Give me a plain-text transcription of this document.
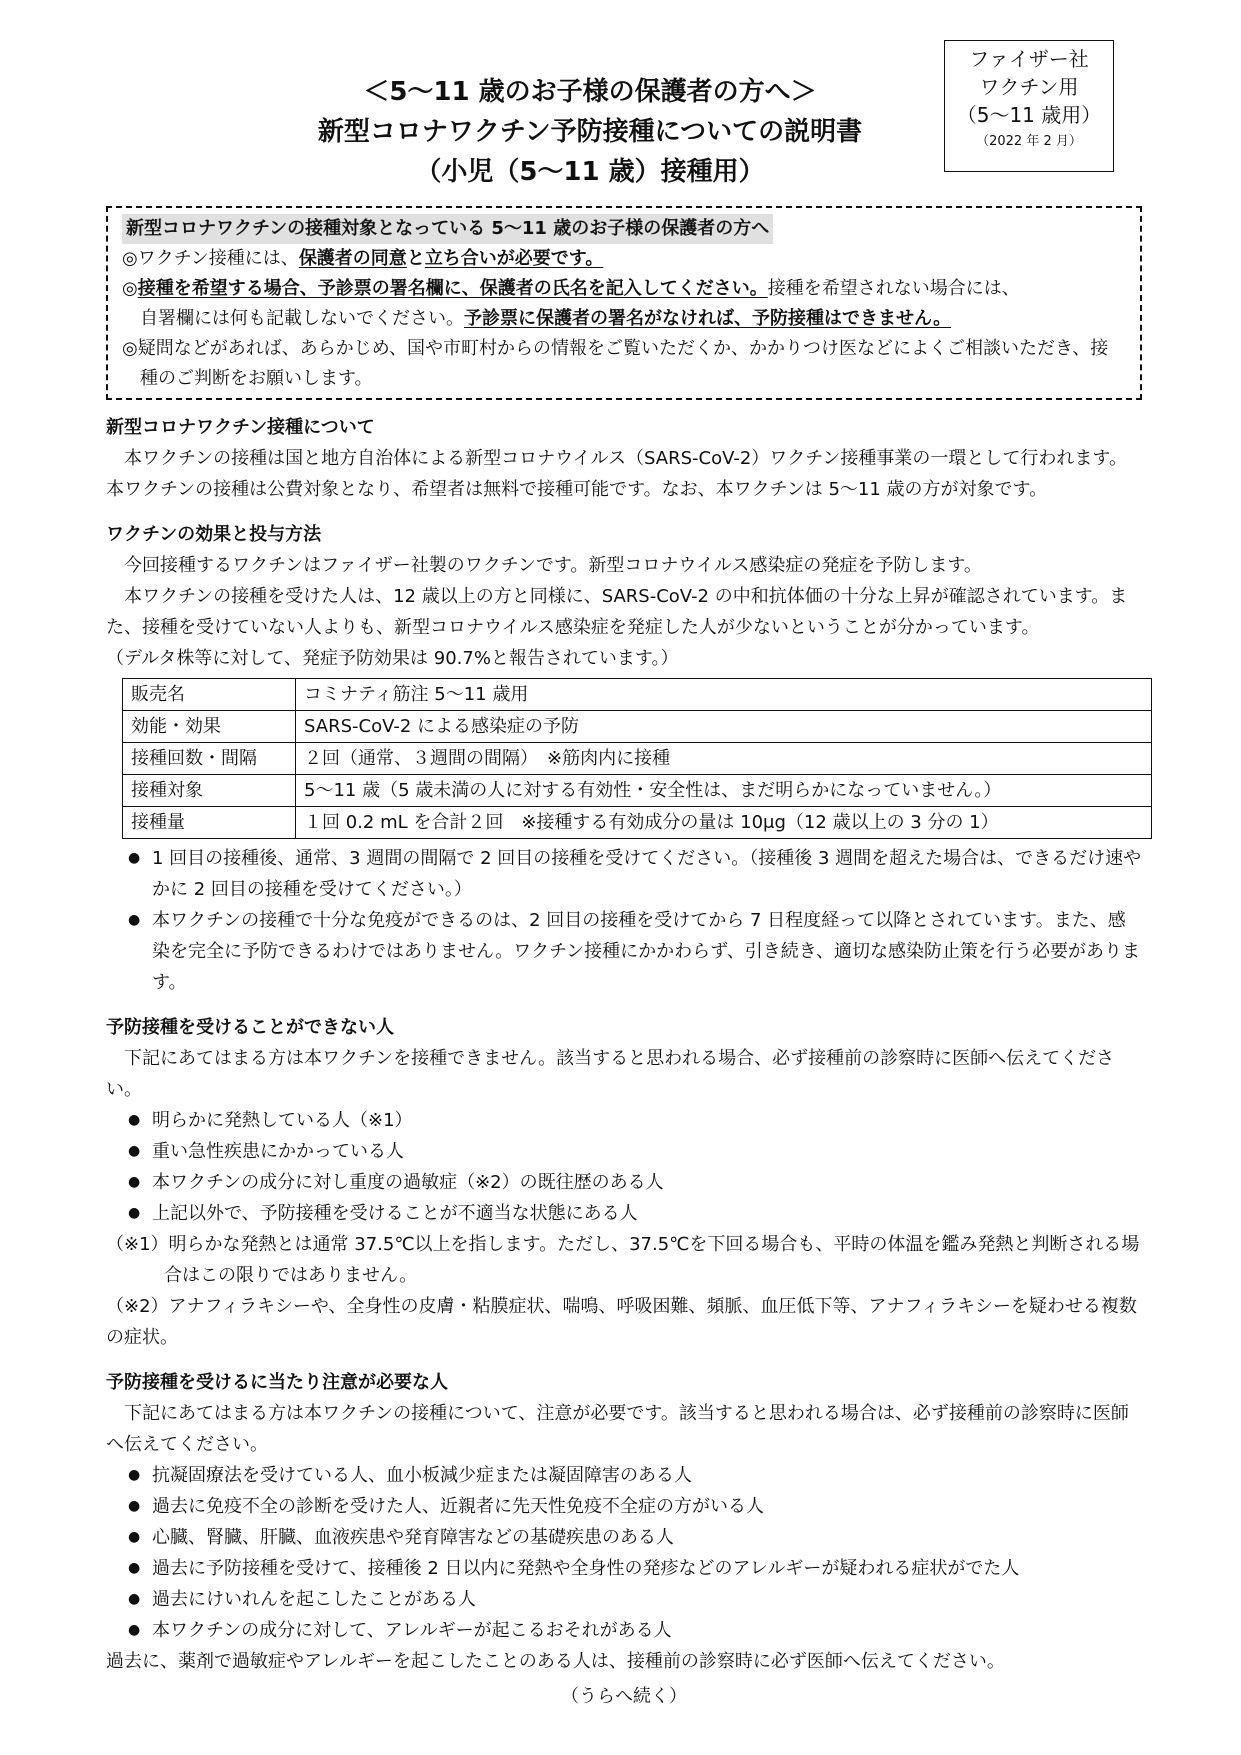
ファイザー社
ワクチン用
（5～11 歳用）
（2022 年 2 月）
＜5～11 歳のお子様の保護者の方へ＞
新型コロナワクチン予防接種についての説明書
（小児（5～11 歳）接種用）
新型コロナワクチンの接種対象となっている 5～11 歳のお子様の保護者の方へ
◎ワクチン接種には、保護者の同意と立ち合いが必要です。
◎接種を希望する場合、予診票の署名欄に、保護者の氏名を記入してください。接種を希望されない場合には、
自署欄には何も記載しないでください。予診票に保護者の署名がなければ、予防接種はできません。
◎疑問などがあれば、あらかじめ、国や市町村からの情報をご覧いただくか、かかりつけ医などによくご相談いただき、接
種のご判断をお願いします。
新型コロナワクチン接種について
本ワクチンの接種は国と地方自治体による新型コロナウイルス（SARS-CoV-2）ワクチン接種事業の一環として行われます。本ワクチンの接種は公費対象となり、希望者は無料で接種可能です。なお、本ワクチンは 5～11 歳の方が対象です。
ワクチンの効果と投与方法
今回接種するワクチンはファイザー社製のワクチンです。新型コロナウイルス感染症の発症を予防します。
本ワクチンの接種を受けた人は、12 歳以上の方と同様に、SARS-CoV-2 の中和抗体価の十分な上昇が確認されています。また、接種を受けていない人よりも、新型コロナウイルス感染症を発症した人が少ないということが分かっています。
（デルタ株等に対して、発症予防効果は 90.7%と報告されています。）
販売名	コミナティ筋注 5～11 歳用
効能・効果	SARS-CoV-2 による感染症の予防
接種回数・間隔	２回（通常、３週間の間隔）　※筋肉内に接種
接種対象	5～11 歳（5 歳未満の人に対する有効性・安全性は、まだ明らかになっていません。）
接種量	１回 0.2 mL を合計２回　※接種する有効成分の量は 10μg（12 歳以上の 3 分の 1）
● 1 回目の接種後、通常、3 週間の間隔で 2 回目の接種を受けてください。（接種後 3 週間を超えた場合は、できるだけ速やかに 2 回目の接種を受けてください。）
● 本ワクチンの接種で十分な免疫ができるのは、2 回目の接種を受けてから 7 日程度経って以降とされています。また、感染を完全に予防できるわけではありません。ワクチン接種にかかわらず、引き続き、適切な感染防止策を行う必要があります。
予防接種を受けることができない人
下記にあてはまる方は本ワクチンを接種できません。該当すると思われる場合、必ず接種前の診察時に医師へ伝えてください。
● 明らかに発熱している人（※1）
● 重い急性疾患にかかっている人
● 本ワクチンの成分に対し重度の過敏症（※2）の既往歴のある人
● 上記以外で、予防接種を受けることが不適当な状態にある人
（※1）明らかな発熱とは通常 37.5℃以上を指します。ただし、37.5℃を下回る場合も、平時の体温を鑑み発熱と判断される場合はこの限りではありません。
（※2）アナフィラキシーや、全身性の皮膚・粘膜症状、喘鳴、呼吸困難、頻脈、血圧低下等、アナフィラキシーを疑わせる複数の症状。
予防接種を受けるに当たり注意が必要な人
下記にあてはまる方は本ワクチンの接種について、注意が必要です。該当すると思われる場合は、必ず接種前の診察時に医師へ伝えてください。
● 抗凝固療法を受けている人、血小板減少症または凝固障害のある人
● 過去に免疫不全の診断を受けた人、近親者に先天性免疫不全症の方がいる人
● 心臓、腎臓、肝臓、血液疾患や発育障害などの基礎疾患のある人
● 過去に予防接種を受けて、接種後 2 日以内に発熱や全身性の発疹などのアレルギーが疑われる症状がでた人
● 過去にけいれんを起こしたことがある人
● 本ワクチンの成分に対して、アレルギーが起こるおそれがある人
過去に、薬剤で過敏症やアレルギーを起こしたことのある人は、接種前の診察時に必ず医師へ伝えてください。
（うらへ続く）
